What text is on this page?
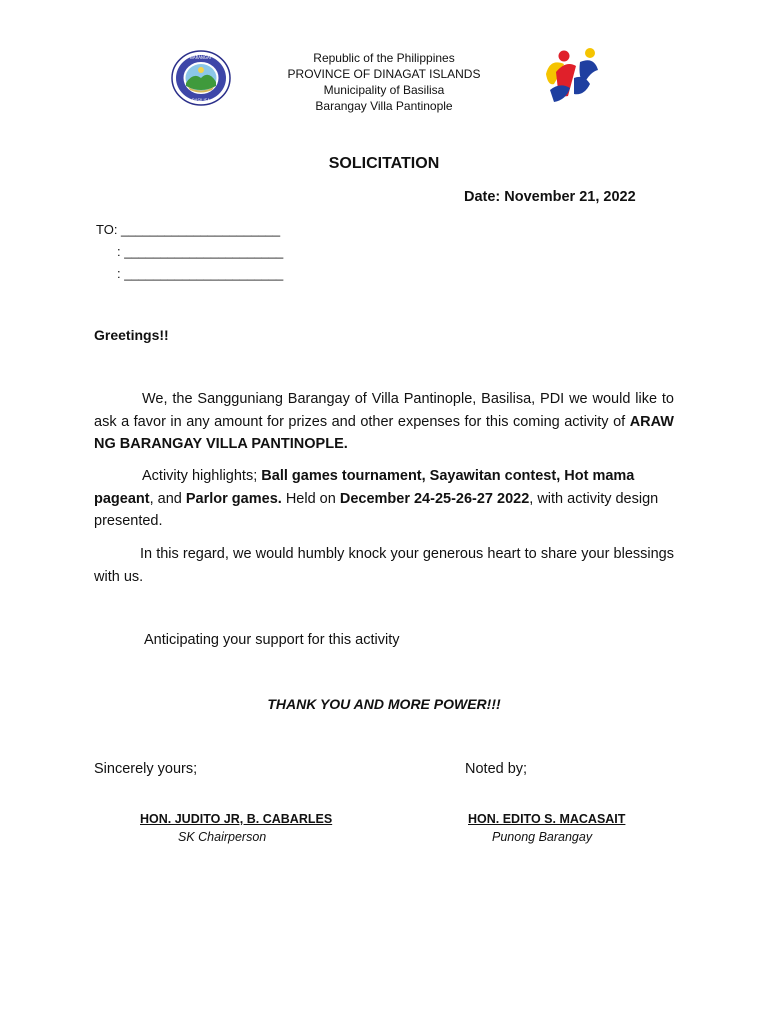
BARANGAY
BASILISA
Republic of the Philippines
PROVINCE OF DINAGAT ISLANDS
Municipality of Basilisa
Barangay Villa Pantinople
SOLICITATION
Date: November 21, 2022
TO: ______________________
: ______________________
: ______________________
Greetings!!
We, the Sangguniang Barangay of Villa Pantinople, Basilisa, PDI we would like to ask a favor in any amount for prizes and other expenses for this coming activity of ARAW NG BARANGAY VILLA PANTINOPLE.
Activity highlights; Ball games tournament, Sayawitan contest, Hot mama pageant, and Parlor games. Held on December 24-25-26-27 2022, with activity design presented.
In this regard, we would humbly knock your generous heart to share your blessings with us.
Anticipating your support for this activity
THANK YOU AND MORE POWER!!!
Sincerely yours;	Noted by;
HON. JUDITO JR, B. CABARLES
SK Chairperson
HON. EDITO S. MACASAIT
Punong Barangay
